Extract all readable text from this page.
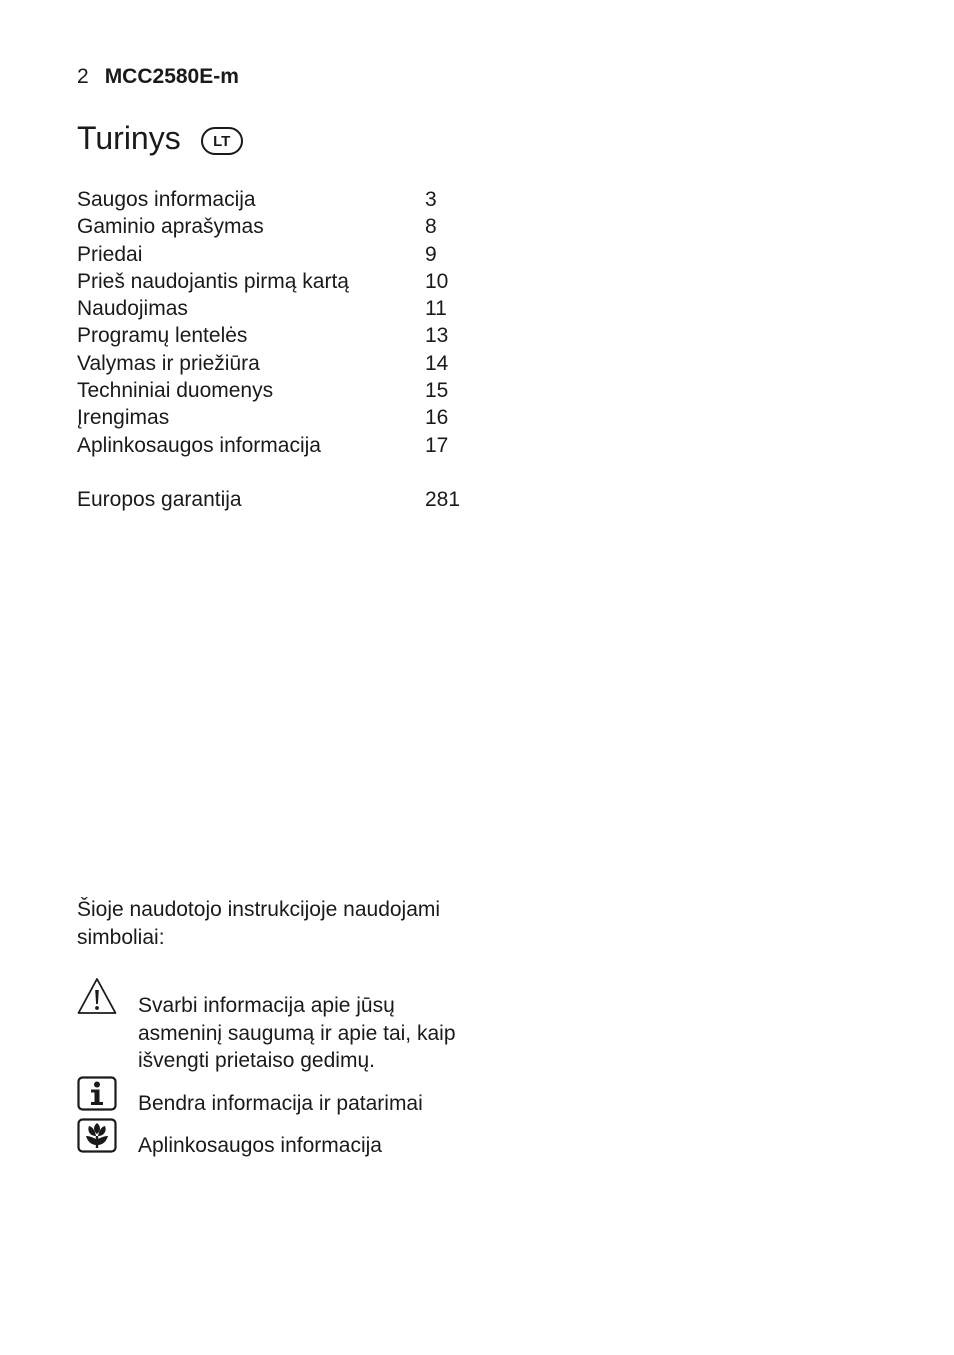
2 MCC2580E-m
Turinys	LT
Saugos informacija	3
Gaminio aprašymas	8
Priedai	9
Prieš naudojantis pirmą kartą	10
Naudojimas	11
Programų lentelės	13
Valymas ir priežiūra	14
Techniniai duomenys	15
Įrengimas	16
Aplinkosaugos informacija	17
Europos garantija	281
Šioje naudotojo instrukcijoje naudojami simboliai:
Svarbi informacija apie jūsų asmeninį saugumą ir apie tai, kaip išvengti prietaiso gedimų.
Bendra informacija ir patarimai
Aplinkosaugos informacija
